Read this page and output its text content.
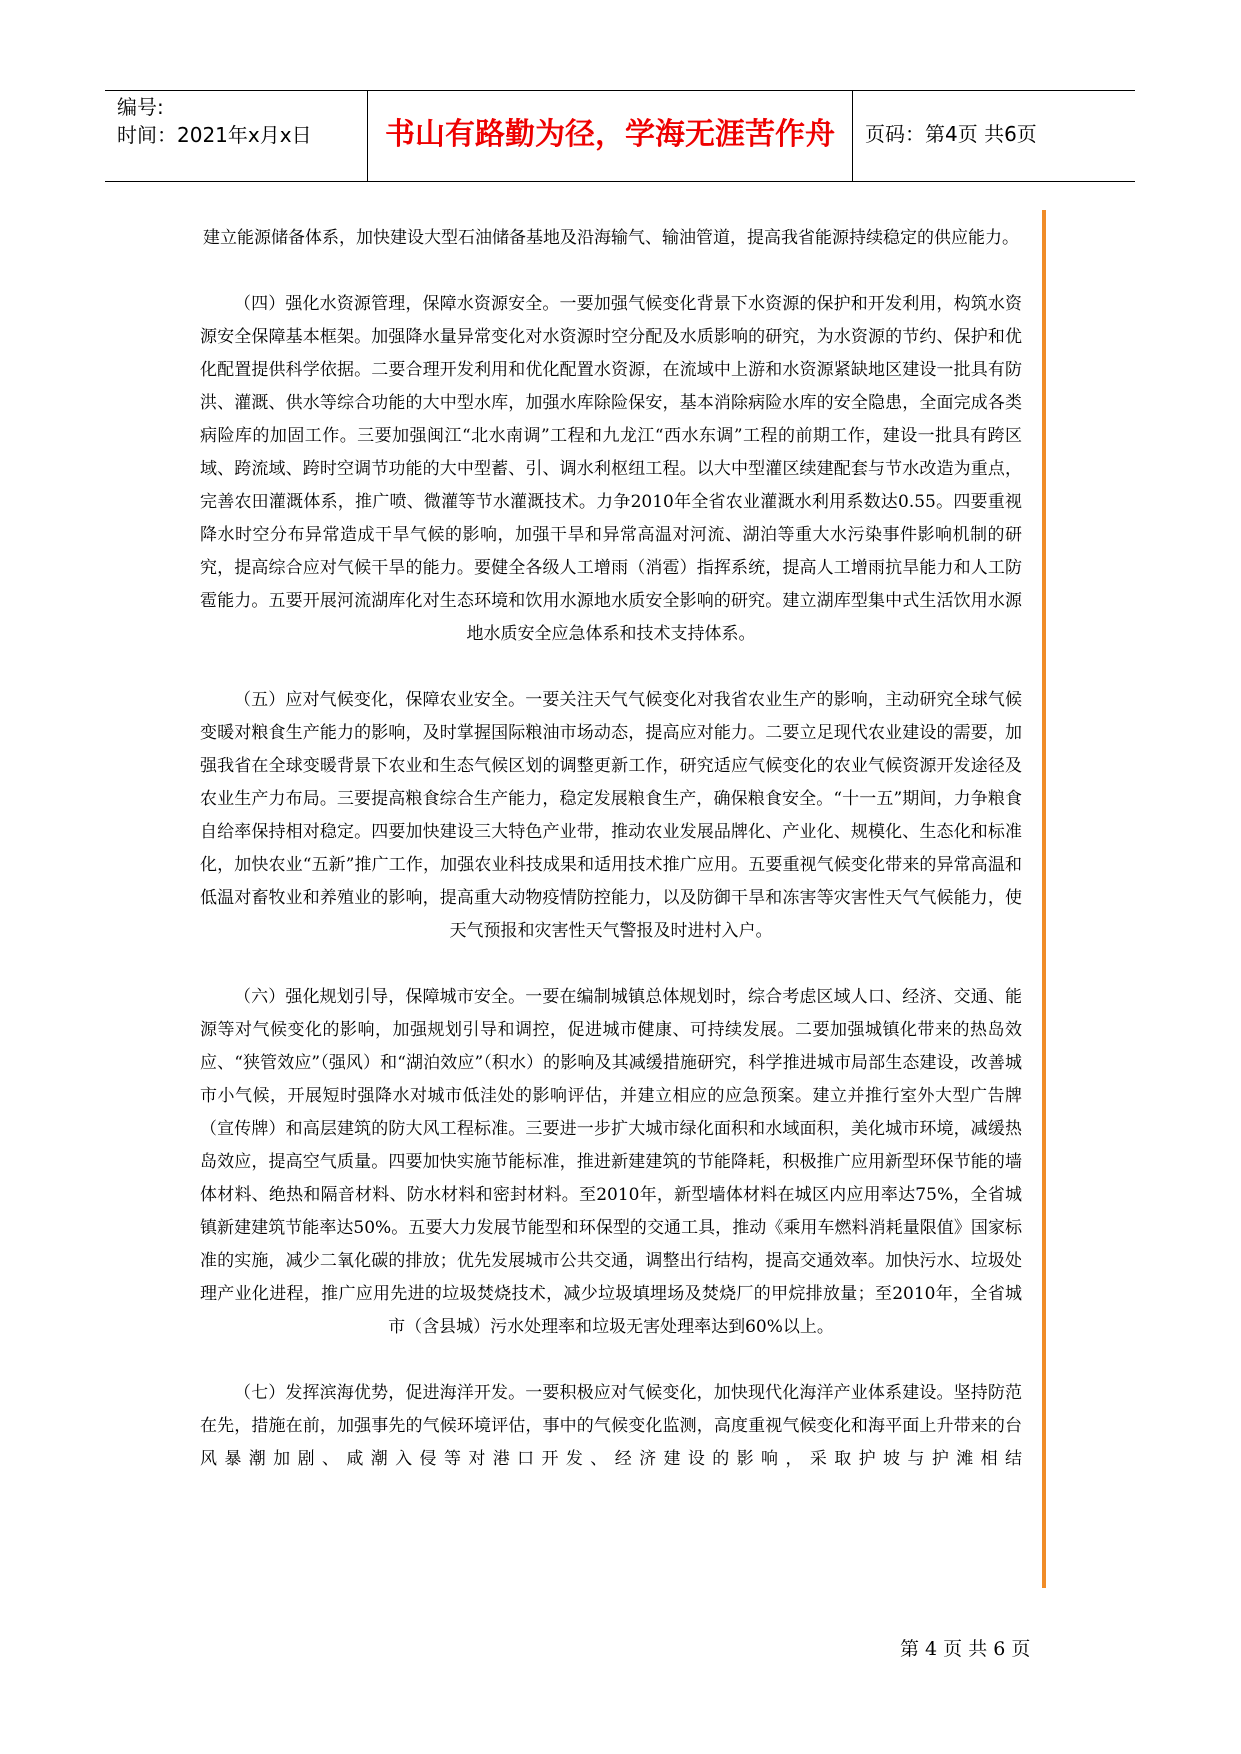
编号:
时间：2021年x月x日	书山有路勤为径，学海无涯苦作舟	页码：第4页 共6页

建立能源储备体系，加快建设大型石油储备基地及沿海输气、输油管道，提高我省能源持续稳定的供应能力。

（四）强化水资源管理，保障水资源安全。一要加强气候变化背景下水资源的保护和开发利用，构筑水资源安全保障基本框架。加强降水量异常变化对水资源时空分配及水质影响的研究，为水资源的节约、保护和优化配置提供科学依据。二要合理开发利用和优化配置水资源，在流域中上游和水资源紧缺地区建设一批具有防洪、灌溉、供水等综合功能的大中型水库，加强水库除险保安，基本消除病险水库的安全隐患，全面完成各类病险库的加固工作。三要加强闽江“北水南调”工程和九龙江“西水东调”工程的前期工作，建设一批具有跨区域、跨流域、跨时空调节功能的大中型蓄、引、调水利枢纽工程。以大中型灌区续建配套与节水改造为重点，完善农田灌溉体系，推广喷、微灌等节水灌溉技术。力争2010年全省农业灌溉水利用系数达0.55。四要重视降水时空分布异常造成干旱气候的影响，加强干旱和异常高温对河流、湖泊等重大水污染事件影响机制的研究，提高综合应对气候干旱的能力。要健全各级人工增雨（消雹）指挥系统，提高人工增雨抗旱能力和人工防雹能力。五要开展河流湖库化对生态环境和饮用水源地水质安全影响的研究。建立湖库型集中式生活饮用水源地水质安全应急体系和技术支持体系。

（五）应对气候变化，保障农业安全。一要关注天气气候变化对我省农业生产的影响，主动研究全球气候变暖对粮食生产能力的影响，及时掌握国际粮油市场动态，提高应对能力。二要立足现代农业建设的需要，加强我省在全球变暖背景下农业和生态气候区划的调整更新工作，研究适应气候变化的农业气候资源开发途径及农业生产力布局。三要提高粮食综合生产能力，稳定发展粮食生产，确保粮食安全。“十一五”期间，力争粮食自给率保持相对稳定。四要加快建设三大特色产业带，推动农业发展品牌化、产业化、规模化、生态化和标准化，加快农业“五新”推广工作，加强农业科技成果和适用技术推广应用。五要重视气候变化带来的异常高温和低温对畜牧业和养殖业的影响，提高重大动物疫情防控能力，以及防御干旱和冻害等灾害性天气气候能力，使天气预报和灾害性天气警报及时进村入户。

（六）强化规划引导，保障城市安全。一要在编制城镇总体规划时，综合考虑区域人口、经济、交通、能源等对气候变化的影响，加强规划引导和调控，促进城市健康、可持续发展。二要加强城镇化带来的热岛效应、“狭管效应”（强风）和“湖泊效应”（积水）的影响及其减缓措施研究，科学推进城市局部生态建设，改善城市小气候，开展短时强降水对城市低洼处的影响评估，并建立相应的应急预案。建立并推行室外大型广告牌（宣传牌）和高层建筑的防大风工程标准。三要进一步扩大城市绿化面积和水域面积，美化城市环境，减缓热岛效应，提高空气质量。四要加快实施节能标准，推进新建建筑的节能降耗，积极推广应用新型环保节能的墙体材料、绝热和隔音材料、防水材料和密封材料。至2010年，新型墙体材料在城区内应用率达75%，全省城镇新建建筑节能率达50%。五要大力发展节能型和环保型的交通工具，推动《乘用车燃料消耗量限值》国家标准的实施，减少二氧化碳的排放；优先发展城市公共交通，调整出行结构，提高交通效率。加快污水、垃圾处理产业化进程，推广应用先进的垃圾焚烧技术，减少垃圾填埋场及焚烧厂的甲烷排放量；至2010年，全省城市（含县城）污水处理率和垃圾无害处理率达到60%以上。

（七）发挥滨海优势，促进海洋开发。一要积极应对气候变化，加快现代化海洋产业体系建设。坚持防范在先，措施在前，加强事先的气候环境评估，事中的气候变化监测，高度重视气候变化和海平面上升带来的台风暴潮加剧、咸潮入侵等对港口开发、经济建设的影响，采取护坡与护滩相结

第 4 页 共 6 页
